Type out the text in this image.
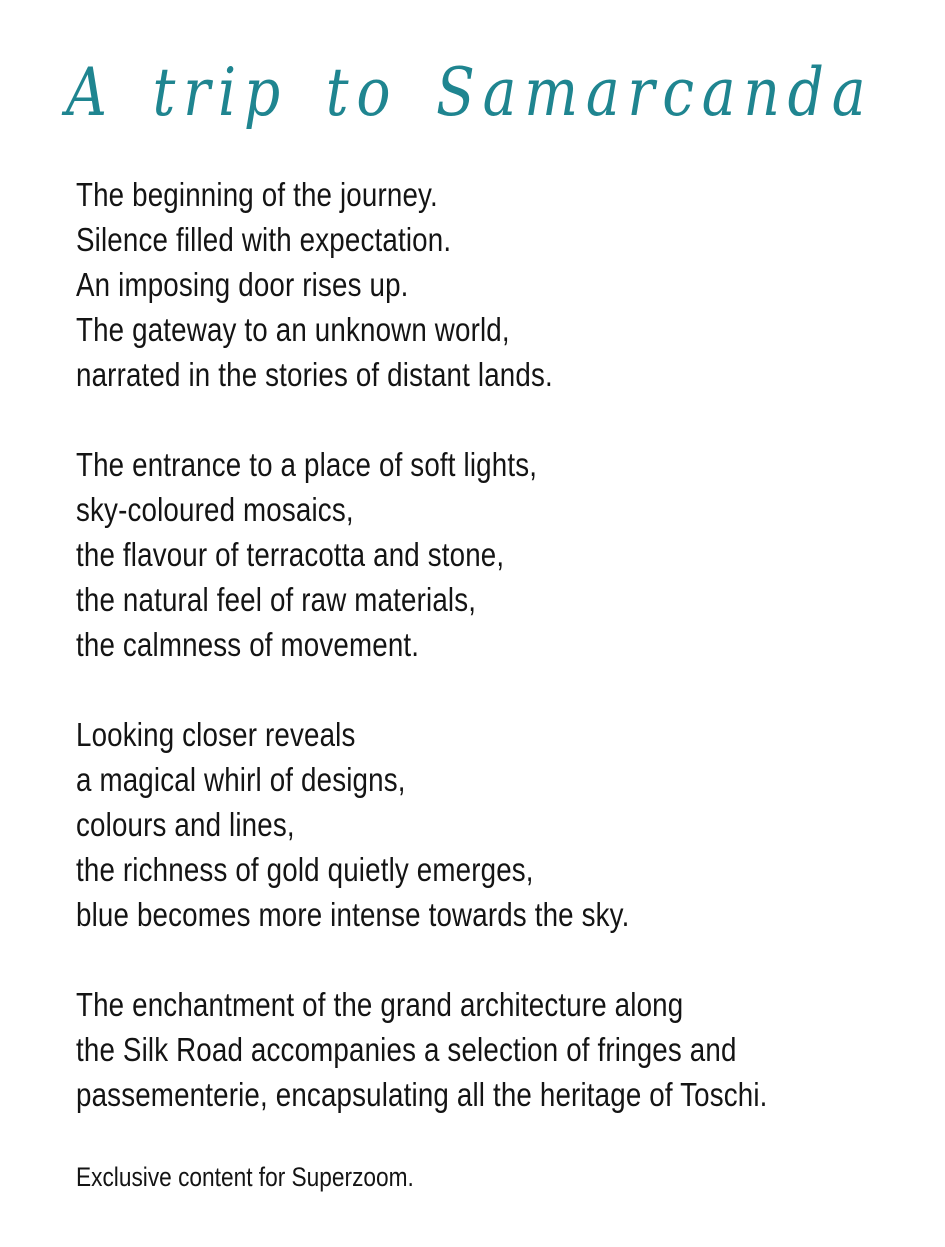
A trip to Samarcanda
The beginning of the journey.
Silence filled with expectation.
An imposing door rises up.
The gateway to an unknown world,
narrated in the stories of distant lands.
The entrance to a place of soft lights,
sky-coloured mosaics,
the flavour of terracotta and stone,
the natural feel of raw materials,
the calmness of movement.
Looking closer reveals
a magical whirl of designs,
colours and lines,
the richness of gold quietly emerges,
blue becomes more intense towards the sky.
The enchantment of the grand architecture along
the Silk Road accompanies a selection of fringes and
passementerie, encapsulating all the heritage of Toschi.
Exclusive content for Superzoom.
